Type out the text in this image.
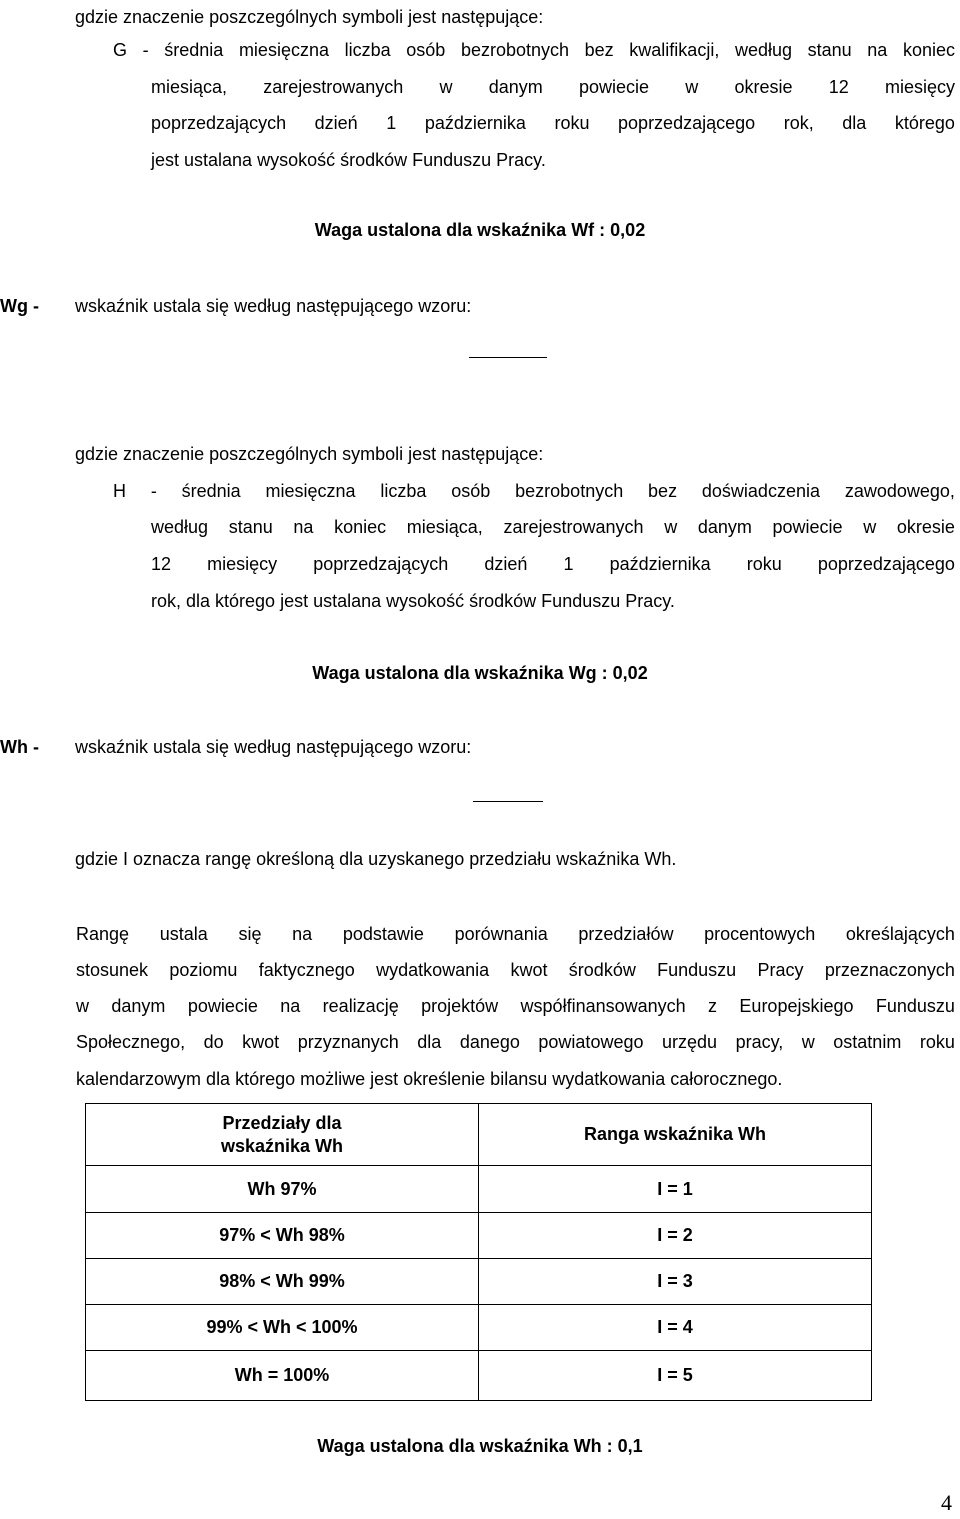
gdzie znaczenie poszczególnych symboli jest następujące:
G - średnia miesięczna liczba osób bezrobotnych bez kwalifikacji, według stanu na koniec
miesiąca, zarejestrowanych w danym powiecie w okresie 12 miesięcy
poprzedzających dzień 1 października roku poprzedzającego rok, dla którego
jest ustalana wysokość środków Funduszu Pracy.
Waga ustalona dla wskaźnika Wf : 0,02
Wg - wskaźnik ustala się według następującego wzoru:
gdzie znaczenie poszczególnych symboli jest następujące:
H - średnia miesięczna liczba osób bezrobotnych bez doświadczenia zawodowego,
według stanu na koniec miesiąca, zarejestrowanych w danym powiecie w okresie
12 miesięcy poprzedzających dzień 1 października roku poprzedzającego
rok, dla którego jest ustalana wysokość środków Funduszu Pracy.
Waga ustalona dla wskaźnika Wg : 0,02
Wh - wskaźnik ustala się według następującego wzoru:
gdzie I oznacza rangę określoną dla uzyskanego przedziału wskaźnika Wh.
Rangę ustala się na podstawie porównania przedziałów procentowych określających
stosunek poziomu faktycznego wydatkowania kwot środków Funduszu Pracy przeznaczonych
w danym powiecie na realizację projektów współfinansowanych z Europejskiego Funduszu
Społecznego, do kwot przyznanych dla danego powiatowego urzędu pracy, w ostatnim roku
kalendarzowym dla którego możliwe jest określenie bilansu wydatkowania całorocznego.
Przedziały dla
wskaźnika Wh	Ranga wskaźnika Wh
Wh 97%	I = 1
97% < Wh 98%	I = 2
98% < Wh 99%	I = 3
99% < Wh < 100%	I = 4
Wh = 100%	I = 5
Waga ustalona dla wskaźnika Wh : 0,1
4
